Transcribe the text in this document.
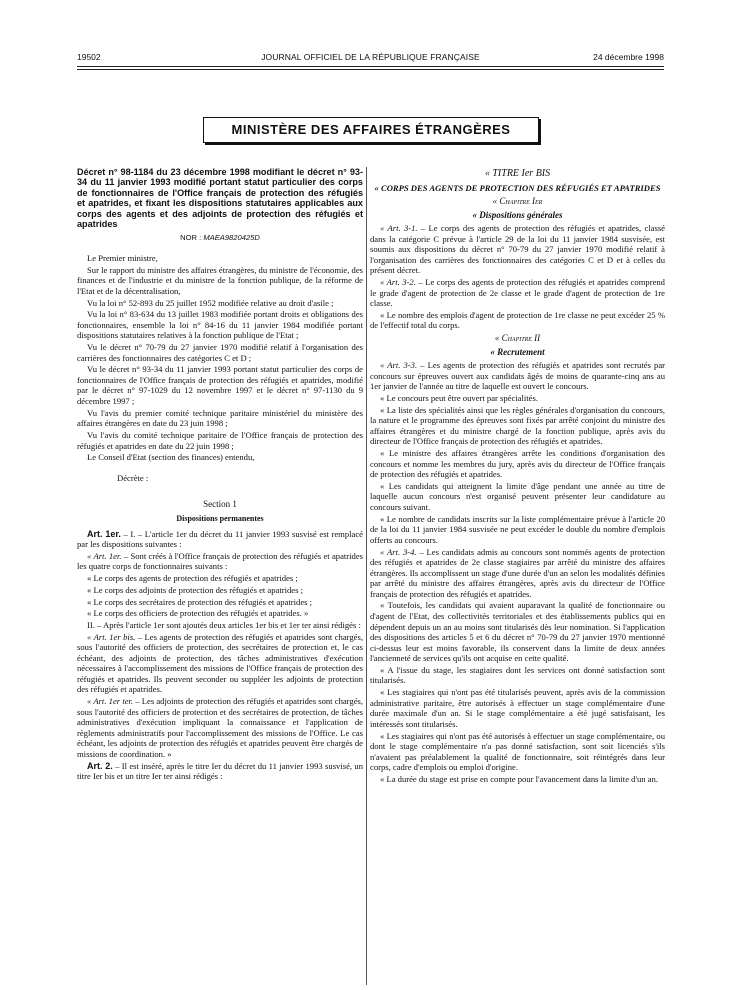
19502	JOURNAL OFFICIEL DE LA RÉPUBLIQUE FRANÇAISE	24 décembre 1998
MINISTÈRE DES AFFAIRES ÉTRANGÈRES

Décret n° 98-1184 du 23 décembre 1998 modifiant le décret n° 93-34 du 11 janvier 1993 modifié portant statut particulier des corps de fonctionnaires de l'Office français de protection des réfugiés et apatrides, et fixant les dispositions statutaires applicables aux corps des agents et des adjoints de protection des réfugiés et apatrides

NOR : MAEA9820425D

Le Premier ministre,

Sur le rapport du ministre des affaires étrangères, du ministre de l'économie, des finances et de l'industrie et du ministre de la fonction publique, de la réforme de l'Etat et de la décentralisation,

Vu la loi n° 52-893 du 25 juillet 1952 modifiée relative au droit d'asile ;

Vu la loi n° 83-634 du 13 juillet 1983 modifiée portant droits et obligations des fonctionnaires, ensemble la loi n° 84-16 du 11 janvier 1984 modifiée portant dispositions statutaires relatives à la fonction publique de l'Etat ;

Vu le décret n° 70-79 du 27 janvier 1970 modifié relatif à l'organisation des carrières des fonctionnaires des catégories C et D ;

Vu le décret n° 93-34 du 11 janvier 1993 portant statut particulier des corps de fonctionnaires de l'Office français de protection des réfugiés et apatrides, modifié par le décret n° 97-1029 du 12 novembre 1997 et le décret n° 97-1130 du 9 décembre 1997 ;

Vu l'avis du premier comité technique paritaire ministériel du ministère des affaires étrangères en date du 23 juin 1998 ;

Vu l'avis du comité technique paritaire de l'Office français de protection des réfugiés et apatrides en date du 22 juin 1998 ;

Le Conseil d'Etat (section des finances) entendu,

Décrète :

Section 1

Dispositions permanentes

Art. 1er. – I. – L'article 1er du décret du 11 janvier 1993 susvisé est remplacé par les dispositions suivantes :

« Art. 1er. – Sont créés à l'Office français de protection des réfugiés et apatrides les quatre corps de fonctionnaires suivants :

« Le corps des agents de protection des réfugiés et apatrides ;

« Le corps des adjoints de protection des réfugiés et apatrides ;

« Le corps des secrétaires de protection des réfugiés et apatrides ;

« Le corps des officiers de protection des réfugiés et apatrides. »

II. – Après l'article 1er sont ajoutés deux articles 1er bis et 1er ter ainsi rédigés :

« Art. 1er bis. – Les agents de protection des réfugiés et apatrides sont chargés, sous l'autorité des officiers de protection, des secrétaires de protection et, le cas échéant, des adjoints de protection, des tâches administratives d'exécution nécessaires à l'accomplissement des missions de l'Office français de protection des réfugiés et apatrides. Ils peuvent seconder ou suppléer les adjoints de protection des réfugiés et apatrides.

« Art. 1er ter. – Les adjoints de protection des réfugiés et apatrides sont chargés, sous l'autorité des officiers de protection et des secrétaires de protection, de tâches administratives d'exécution impliquant la connaissance et l'application de règlements administratifs pour l'accomplissement des missions de l'Office. Le cas échéant, les adjoints de protection des réfugiés et apatrides peuvent être chargés de missions de coordination. »

Art. 2. – Il est inséré, après le titre Ier du décret du 11 janvier 1993 susvisé, un titre Ier bis et un titre Ier ter ainsi rédigés :

« TITRE Ier BIS

« CORPS DES AGENTS DE PROTECTION DES RÉFUGIÉS ET APATRIDES

« Chapitre Ier

« Dispositions générales

« Art. 3-1. – Le corps des agents de protection des réfugiés et apatrides, classé dans la catégorie C prévue à l'article 29 de la loi du 11 janvier 1984 susvisée, est soumis aux dispositions du décret n° 70-79 du 27 janvier 1970 modifié relatif à l'organisation des carrières des fonctionnaires des catégories C et D et à celles du présent décret.

« Art. 3-2. – Le corps des agents de protection des réfugiés et apatrides comprend le grade d'agent de protection de 2e classe et le grade d'agent de protection de 1re classe.

« Le nombre des emplois d'agent de protection de 1re classe ne peut excéder 25 % de l'effectif total du corps.

« Chapitre II

« Recrutement

« Art. 3-3. – Les agents de protection des réfugiés et apatrides sont recrutés par concours sur épreuves ouvert aux candidats âgés de moins de quarante-cinq ans au 1er janvier de l'année au titre de laquelle est ouvert le concours.

« Le concours peut être ouvert par spécialités.

« La liste des spécialités ainsi que les règles générales d'organisation du concours, la nature et le programme des épreuves sont fixés par arrêté conjoint du ministre des affaires étrangères et du ministre chargé de la fonction publique, après avis du directeur de l'Office français de protection des réfugiés et apatrides.

« Le ministre des affaires étrangères arrête les conditions d'organisation des concours et nomme les membres du jury, après avis du directeur de l'Office français de protection des réfugiés et apatrides.

« Les candidats qui atteignent la limite d'âge pendant une année au titre de laquelle aucun concours n'est organisé peuvent présenter leur candidature au concours suivant.

« Le nombre de candidats inscrits sur la liste complémentaire prévue à l'article 20 de la loi du 11 janvier 1984 susvisée ne peut excéder le double du nombre d'emplois offerts au concours.

« Art. 3-4. – Les candidats admis au concours sont nommés agents de protection des réfugiés et apatrides de 2e classe stagiaires par arrêté du ministre des affaires étrangères. Ils accomplissent un stage d'une durée d'un an selon les modalités définies par arrêté du ministre des affaires étrangères, après avis du directeur de l'Office français de protection des réfugiés et apatrides.

« Toutefois, les candidats qui avaient auparavant la qualité de fonctionnaire ou d'agent de l'Etat, des collectivités territoriales et des établissements publics qui en dépendent depuis un an au moins sont titularisés dès leur nomination. Si l'application des dispositions des articles 5 et 6 du décret n° 70-79 du 27 janvier 1970 mentionné ci-dessus leur est moins favorable, ils conservent dans la limite de deux années l'ancienneté de services qu'ils ont acquise en cette qualité.

« A l'issue du stage, les stagiaires dont les services ont donné satisfaction sont titularisés.

« Les stagiaires qui n'ont pas été titularisés peuvent, après avis de la commission administrative paritaire, être autorisés à effectuer un stage complémentaire d'une durée maximale d'un an. Si le stage complémentaire a été jugé satisfaisant, les intéressés sont titularisés.

« Les stagiaires qui n'ont pas été autorisés à effectuer un stage complémentaire, ou dont le stage complémentaire n'a pas donné satisfaction, sont soit licenciés s'ils n'avaient pas préalablement la qualité de fonctionnaire, soit réintégrés dans leur corps, cadre d'emplois ou emploi d'origine.

« La durée du stage est prise en compte pour l'avancement dans la limite d'un an.
